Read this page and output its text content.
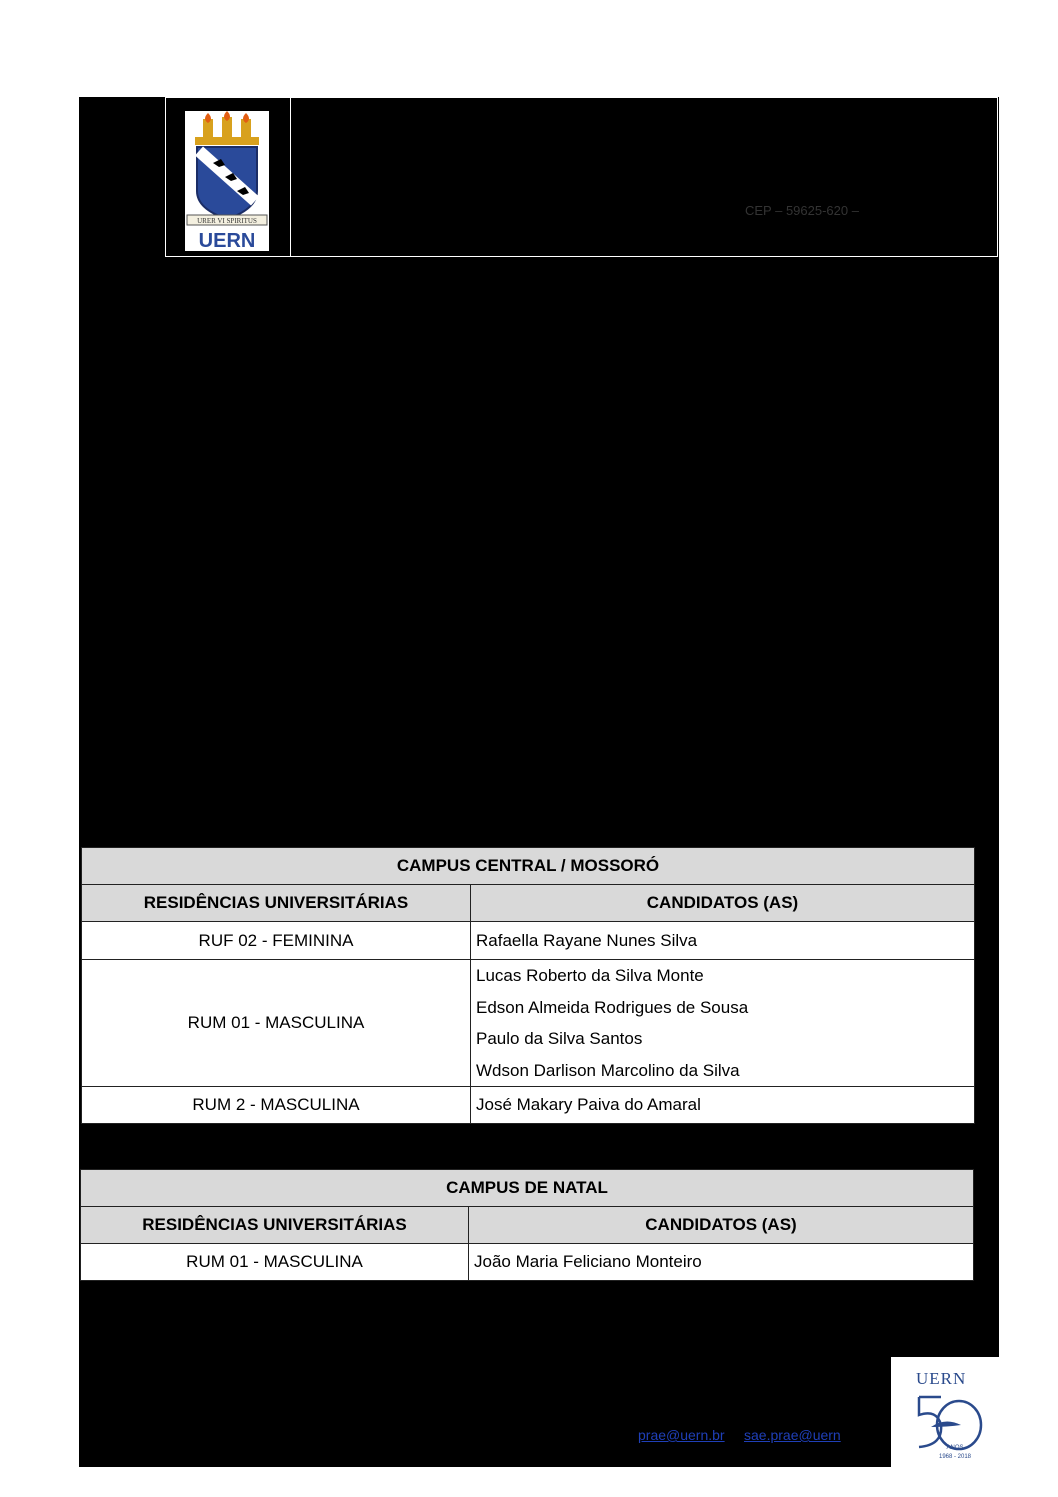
URER VI SPIRITUS
UERN
CEP – 59625-620 –
CAMPUS CENTRAL / MOSSORÓ	
RESIDÊNCIAS UNIVERSITÁRIAS	CANDIDATOS (AS)
RUF 02 - FEMININA	Rafaella Rayane Nunes Silva
RUM 01 - MASCULINA	Lucas Roberto da Silva Monte
Edson Almeida Rodrigues de Sousa
Paulo da Silva Santos
Wdson Darlison Marcolino da Silva

RUM 2 - MASCULINA	José Makary Paiva do Amaral
CAMPUS DE NATAL	
RESIDÊNCIAS UNIVERSITÁRIAS	CANDIDATOS (AS)
RUM 01 - MASCULINA	João Maria Feliciano Monteiro
prae@uern.br sae.prae@uern
UERN
ANOS
1968 - 2018
